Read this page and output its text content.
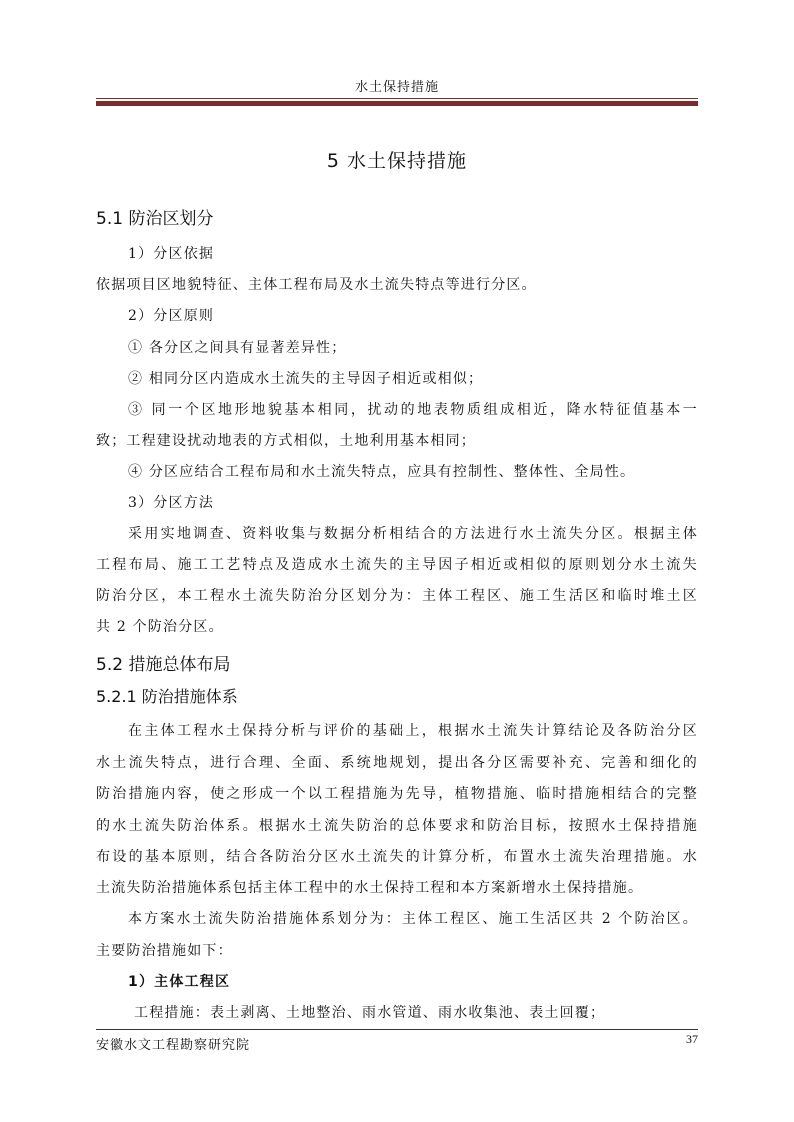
水土保持措施
5 水土保持措施
5.1 防治区划分
1）分区依据
依据项目区地貌特征、主体工程布局及水土流失特点等进行分区。
2）分区原则
① 各分区之间具有显著差异性；
② 相同分区内造成水土流失的主导因子相近或相似；
③ 同一个区地形地貌基本相同，扰动的地表物质组成相近，降水特征值基本一
致；工程建设扰动地表的方式相似，土地利用基本相同；
④ 分区应结合工程布局和水土流失特点，应具有控制性、整体性、全局性。
3）分区方法
采用实地调查、资料收集与数据分析相结合的方法进行水土流失分区。根据主体
工程布局、施工工艺特点及造成水土流失的主导因子相近或相似的原则划分水土流失
防治分区，本工程水土流失防治分区划分为：主体工程区、施工生活区和临时堆土区
共 2 个防治分区。
5.2 措施总体布局
5.2.1 防治措施体系
在主体工程水土保持分析与评价的基础上，根据水土流失计算结论及各防治分区
水土流失特点，进行合理、全面、系统地规划，提出各分区需要补充、完善和细化的
防治措施内容，使之形成一个以工程措施为先导，植物措施、临时措施相结合的完整
的水土流失防治体系。根据水土流失防治的总体要求和防治目标，按照水土保持措施
布设的基本原则，结合各防治分区水土流失的计算分析，布置水土流失治理措施。水
土流失防治措施体系包括主体工程中的水土保持工程和本方案新增水土保持措施。
本方案水土流失防治措施体系划分为：主体工程区、施工生活区共 2 个防治区。
主要防治措施如下：
1）主体工程区
工程措施：表土剥离、土地整治、雨水管道、雨水收集池、表土回覆；
安徽水文工程勘察研究院	37
